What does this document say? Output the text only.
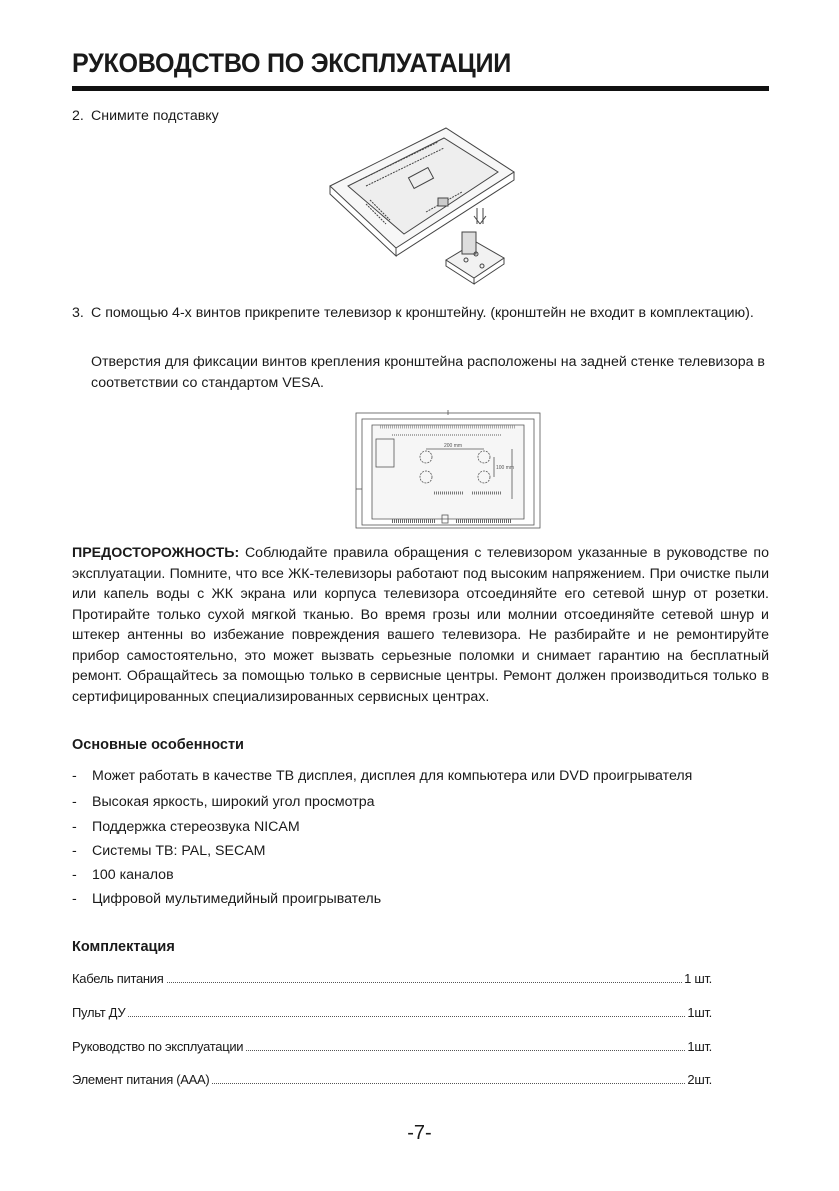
РУКОВОДСТВО ПО ЭКСПЛУАТАЦИИ
2. Снимите подставку
3. С помощью 4-х винтов прикрепите телевизор к кронштейну. (кронштейн не входит в комплектацию).
Отверстия для фиксации винтов крепления кронштейна расположены на задней стенке телевизора в соответствии со стандартом VESA.
200 mm
100 mm
ПРЕДОСТОРОЖНОСТЬ: Соблюдайте правила обращения с телевизором указанные в руководстве по эксплуатации. Помните, что все ЖК-телевизоры работают под высоким напряжением. При очистке пыли или капель воды с ЖК экрана или корпуса телевизора отсоединяйте его сетевой шнур от розетки. Протирайте только сухой мягкой тканью. Во время грозы или молнии отсоединяйте сетевой шнур и штекер антенны во избежание повреждения вашего телевизора. Не разбирайте и не ремонтируйте прибор самостоятельно, это может вызвать серьезные поломки и снимает гарантию на бесплатный ремонт. Обращайтесь за помощью только в сервисные центры. Ремонт должен производиться только в сертифицированных специализированных сервисных центрах.
Основные особенности
- Может работать в качестве ТВ дисплея, дисплея для компьютера или DVD проигрывателя
- Высокая яркость, широкий угол просмотра
- Поддержка стереозвука NICAM
- Системы ТВ: PAL, SECAM
- 100 каналов
- Цифровой мультимедийный проигрыватель
Комплектация
Кабель питания	1 шт.
Пульт ДУ	1шт.
Руководство по эксплуатации	1шт.
Элемент питания (ААА)	2шт.
-7-
